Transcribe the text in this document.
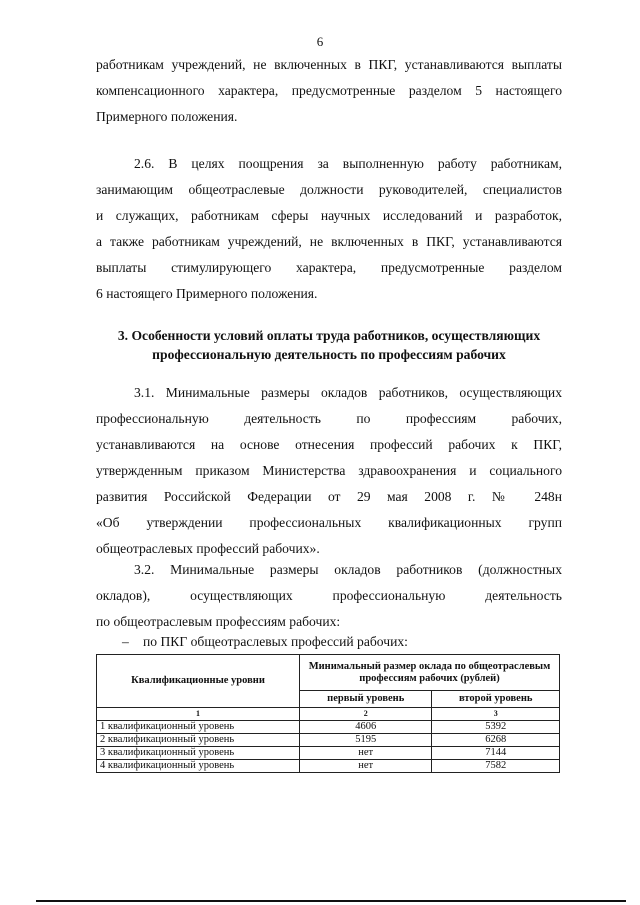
6
работникам учреждений, не включенных в ПКГ, устанавливаются выплаты
компенсационного характера, предусмотренные разделом 5 настоящего
Примерного положения.
2.6. В целях поощрения за выполненную работу работникам,
занимающим общеотраслевые должности руководителей, специалистов
и служащих, работникам сферы научных исследований и разработок,
а также работникам учреждений, не включенных в ПКГ, устанавливаются
выплаты стимулирующего характера, предусмотренные разделом
6 настоящего Примерного положения.
3. Особенности условий оплаты труда работников, осуществляющих
профессиональную деятельность по профессиям рабочих
3.1. Минимальные размеры окладов работников, осуществляющих
профессиональную деятельность по профессиям рабочих,
устанавливаются на основе отнесения профессий рабочих к ПКГ,
утвержденным приказом Министерства здравоохранения и социального
развития Российской Федерации от 29 мая 2008 г. № 248н
«Об утверждении профессиональных квалификационных групп
общеотраслевых профессий рабочих».
3.2. Минимальные размеры окладов работников (должностных
окладов), осуществляющих профессиональную деятельность
по общеотраслевым профессиям рабочих:
– по ПКГ общеотраслевых профессий рабочих:
Квалификационные уровни	Минимальный размер оклада по общеотраслевым профессиям рабочих (рублей)	
	первый уровень	второй уровень
1	2	3
1 квалификационный уровень	4606	5392
2 квалификационный уровень	5195	6268
3 квалификационный уровень	нет	7144
4 квалификационный уровень	нет	7582
